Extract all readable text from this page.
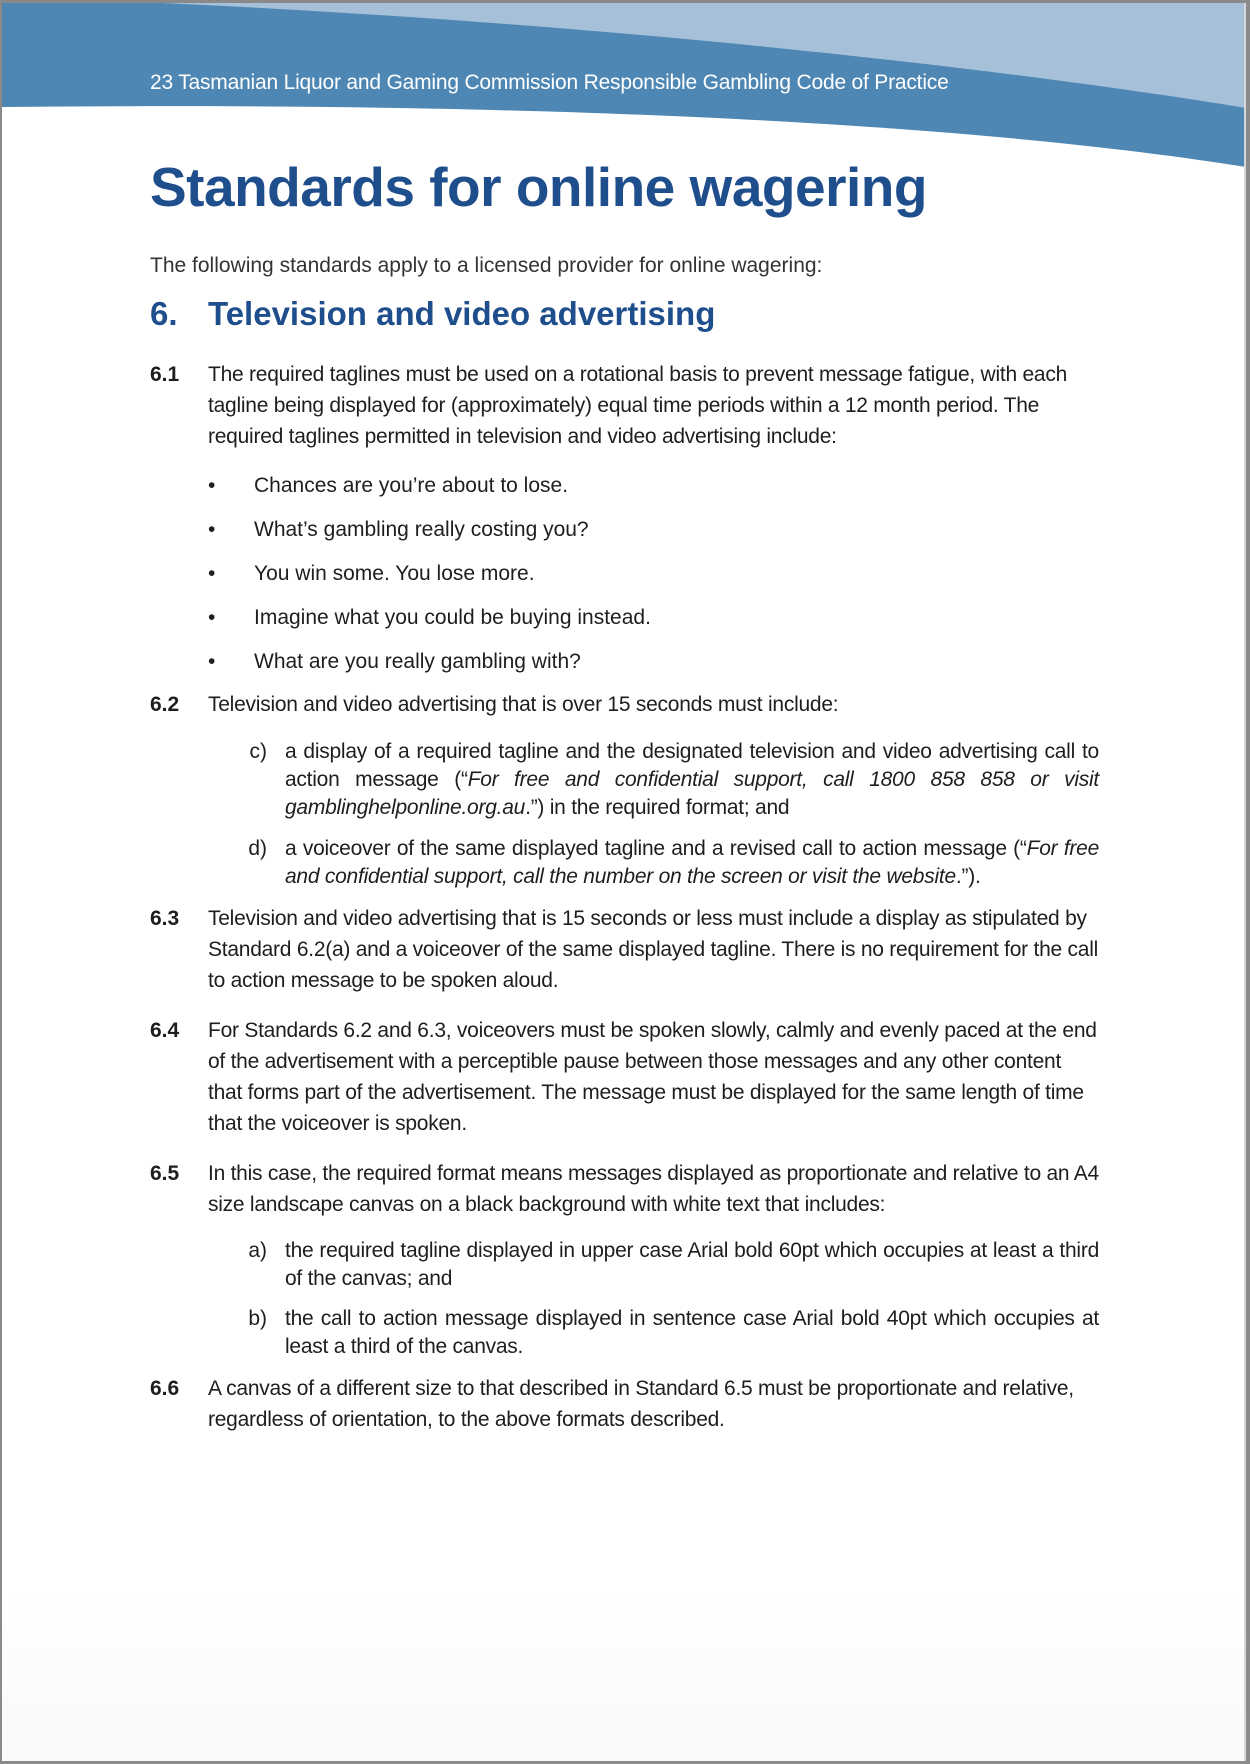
23 Tasmanian Liquor and Gaming Commission Responsible Gambling Code of Practice
Standards for online wagering

The following standards apply to a licensed provider for online wagering:

6. Television and video advertising
6.1 The required taglines must be used on a rotational basis to prevent message fatigue, with each tagline being displayed for (approximately) equal time periods within a 12 month period. The required taglines permitted in television and video advertising include:
• Chances are you’re about to lose.
• What’s gambling really costing you?
• You win some. You lose more.
• Imagine what you could be buying instead.
• What are you really gambling with?
6.2 Television and video advertising that is over 15 seconds must include:
c) a display of a required tagline and the designated television and video advertising call to action message (“For free and confidential support, call 1800 858 858 or visit gamblinghelponline.org.au.”) in the required format; and
d) a voiceover of the same displayed tagline and a revised call to action message (“For free and confidential support, call the number on the screen or visit the website.”).
6.3 Television and video advertising that is 15 seconds or less must include a display as stipulated by Standard 6.2(a) and a voiceover of the same displayed tagline. There is no requirement for the call to action message to be spoken aloud.
6.4 For Standards 6.2 and 6.3, voiceovers must be spoken slowly, calmly and evenly paced at the end of the advertisement with a perceptible pause between those messages and any other content that forms part of the advertisement. The message must be displayed for the same length of time that the voiceover is spoken.
6.5 In this case, the required format means messages displayed as proportionate and relative to an A4 size landscape canvas on a black background with white text that includes:
a) the required tagline displayed in upper case Arial bold 60pt which occupies at least a third of the canvas; and
b) the call to action message displayed in sentence case Arial bold 40pt which occupies at least a third of the canvas.
6.6 A canvas of a different size to that described in Standard 6.5 must be proportionate and relative, regardless of orientation, to the above formats described.
